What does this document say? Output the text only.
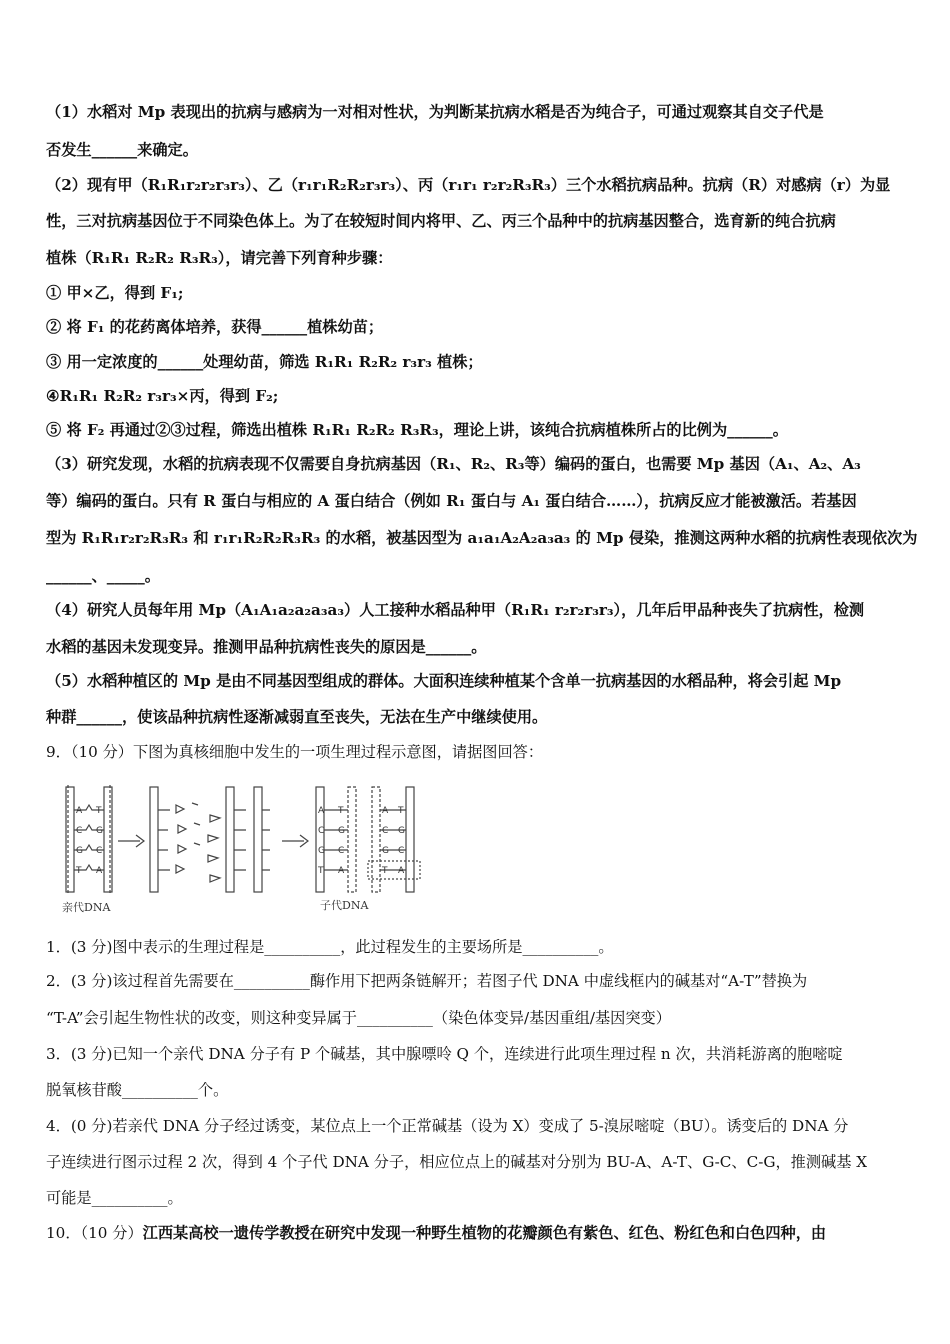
（1）水稻对 Mp 表现出的抗病与感病为一对相对性状，为判断某抗病水稻是否为纯合子，可通过观察其自交子代是
否发生______来确定。
（2）现有甲（R₁R₁r₂r₂r₃r₃）、乙（r₁r₁R₂R₂r₃r₃）、丙（r₁r₁ r₂r₂R₃R₃）三个水稻抗病品种。抗病（R）对感病（r）为显
性，三对抗病基因位于不同染色体上。为了在较短时间内将甲、乙、丙三个品种中的抗病基因整合，选育新的纯合抗病
植株（R₁R₁ R₂R₂ R₃R₃），请完善下列育种步骤：
① 甲×乙，得到 F₁;
② 将 F₁ 的花药离体培养，获得______植株幼苗；
③ 用一定浓度的______处理幼苗，筛选 R₁R₁ R₂R₂ r₃r₃ 植株；
④R₁R₁ R₂R₂ r₃r₃×丙，得到 F₂;
⑤ 将 F₂ 再通过②③过程，筛选出植株 R₁R₁ R₂R₂ R₃R₃，理论上讲，该纯合抗病植株所占的比例为______。
（3）研究发现，水稻的抗病表现不仅需要自身抗病基因（R₁、R₂、R₃等）编码的蛋白，也需要 Mp 基因（A₁、A₂、A₃
等）编码的蛋白。只有 R 蛋白与相应的 A 蛋白结合（例如 R₁ 蛋白与 A₁ 蛋白结合……），抗病反应才能被激活。若基因
型为 R₁R₁r₂r₂R₃R₃ 和 r₁r₁R₂R₂R₃R₃ 的水稻，被基因型为 a₁a₁A₂A₂a₃a₃ 的 Mp 侵染，推测这两种水稻的抗病性表现依次为
______、_____。
（4）研究人员每年用 Mp（A₁A₁a₂a₂a₃a₃）人工接种水稻品种甲（R₁R₁ r₂r₂r₃r₃），几年后甲品种丧失了抗病性，检测
水稻的基因未发现变异。推测甲品种抗病性丧失的原因是______。
（5）水稻种植区的 Mp 是由不同基因型组成的群体。大面积连续种植某个含单一抗病基因的水稻品种，将会引起 Mp
种群______，使该品种抗病性逐渐减弱直至丧失，无法在生产中继续使用。
9．（10 分）下图为真核细胞中发生的一项生理过程示意图，请据图回答：
A T
C G
G C
T A
A T
C G
G C
T A
A T
C G
G C
T A
亲代DNA	子代DNA
1．(3 分)图中表示的生理过程是__________，此过程发生的主要场所是__________。
2．(3 分)该过程首先需要在__________酶作用下把两条链解开；若图子代 DNA 中虚线框内的碱基对“A-T”替换为
“T-A”会引起生物性状的改变，则这种变异属于__________（染色体变异/基因重组/基因突变）
3．(3 分)已知一个亲代 DNA 分子有 P 个碱基，其中腺嘌呤 Q 个，连续进行此项生理过程 n 次，共消耗游离的胞嘧啶
脱氧核苷酸__________个。
4．(0 分)若亲代 DNA 分子经过诱变，某位点上一个正常碱基（设为 X）变成了 5-溴尿嘧啶（BU）。诱变后的 DNA 分
子连续进行图示过程 2 次，得到 4 个子代 DNA 分子，相应位点上的碱基对分别为 BU-A、A-T、G-C、C-G，推测碱基 X
可能是__________。
10．（10 分）江西某高校一遗传学教授在研究中发现一种野生植物的花瓣颜色有紫色、红色、粉红色和白色四种，由
